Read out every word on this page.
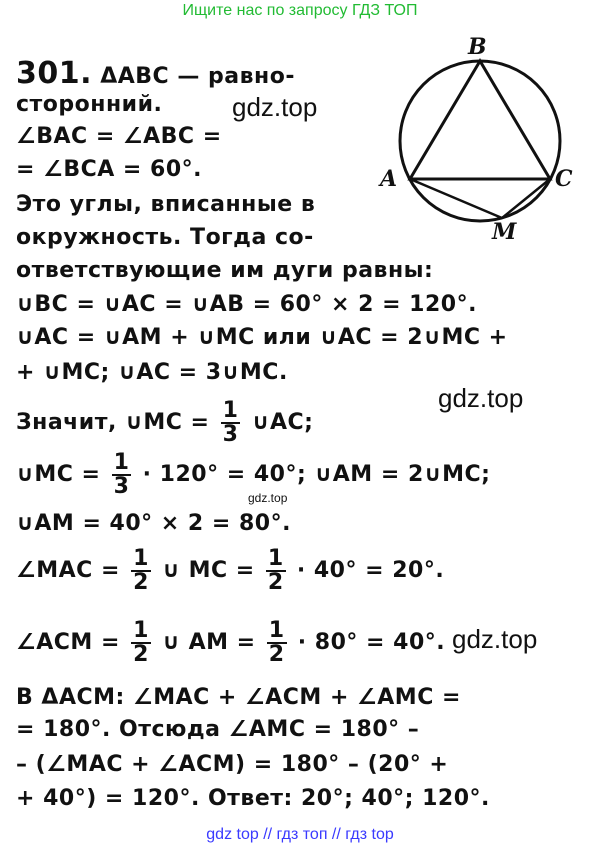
Ищите нас по запросу ГДЗ ТОП
B
A	C
M
301. ΔABC — равно-
сторонний.
∠BAC = ∠ABC =
= ∠BCA = 60°.
Это углы, вписанные в
окружность. Тогда со-
ответствующие им дуги равны:
∪BC = ∪AC = ∪AB = 60° × 2 = 120°.
∪AC = ∪AM + ∪MC или ∪AC = 2∪MC +
+ ∪MC; ∪AC = 3∪MC.
Значит, ∪MC = $\frac{1}{3}$ ∪AC;
∪MC = $\frac{1}{3} \cdot 120^\circ = 40^\circ$; ∪AM = 2∪MC;
∪AM = 40° × 2 = 80°.
∠MAC = $\frac{1}{2}$ ∪ MC = $\frac{1}{2} \cdot 40^\circ = 20^\circ$.
∠ACM = $\frac{1}{2}$ ∪ AM = $\frac{1}{2} \cdot 80^\circ = 40^\circ$.
В ΔACM: ∠MAC + ∠ACM + ∠AMC =
= 180°. Отсюда ∠AMC = 180° –
– (∠MAC + ∠ACM) = 180° – (20° +
+ 40°) = 120°. Ответ: 20°; 40°; 120°.
gdz.top
gdz.top
gdz.top
gdz.top
gdz top // гдз топ // гдз top
